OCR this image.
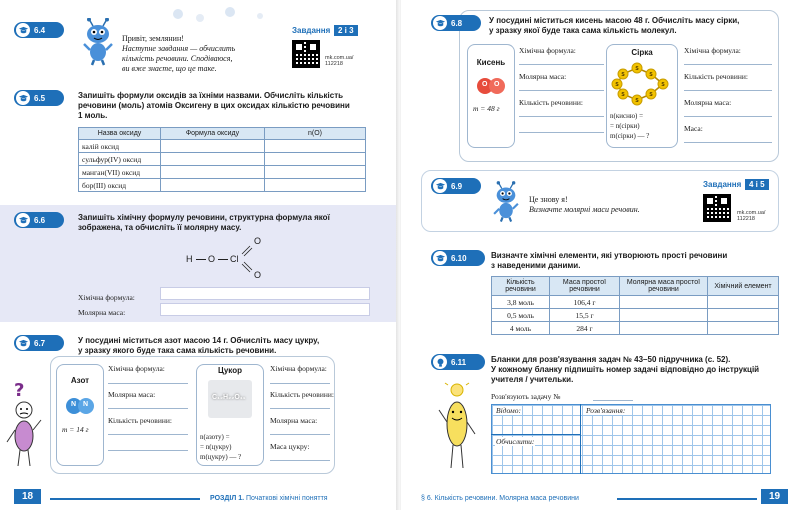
6.4
Привіт, землянин!
Наступне завдання — обчислить
кількість речовини. Сподіваюся,
ви вже знаєте, що це таке.
Завдання 2 і 3
mk.com.ua/
112218
6.5	Запишіть формули оксидів за їхніми назвами. Обчисліть кількість
речовини (моль) атомів Оксигену в цих оксидах кількістю речовини
1 моль.
Назва оксиду	Формула оксиду	n(O)
калій оксид		
сульфур(IV) оксид		
манган(VII) оксид		
бор(III) оксид		
6.6	Запишіть хімічну формулу речовини, структурна формула якої
зображена, та обчисліть її молярну масу.
H O Cl
O
O
Хімічна формула:
Молярна маса:
6.7	У посудині міститься азот масою 14 г. Обчисліть масу цукру,
у зразку якого буде така сама кількість речовини.
?	Азот
N N
m = 14 г
Хімічна формула:
Молярна маса:
Кількість речовини:
Цукор
C₁₂H₂₂O₁₁
n(азоту) =
= n(цукру)
m(цукру) — ?
Хімічна формула:
Кількість речовини:
Молярна маса:
Маса цукру:
18	РОЗДІЛ 1. Початкові хімічні поняття
6.8	У посудині міститься кисень масою 48 г. Обчисліть масу сірки,
у зразку якої буде така сама кількість молекул.
Кисень
O O
m = 48 г
Хімічна формула:
Молярна маса:
Кількість речовини:
Сірка
S
S
S
S
S
S
S
S
n(кисню) =
= n(сірки)
m(сірки) — ?
Хімічна формула:
Кількість речовини:
Молярна маса:
Маса:
6.9
Це знову я!
Визначте молярні маси речовин.
Завдання 4 і 5
mk.com.ua/
112218
6.10	Визначте хімічні елементи, які утворюють прості речовини
з наведеними даними.
Кількість речовини	Маса простої речовини	Молярна маса простої речовини	Хімічний елемент
3,8 моль	106,4 г		
0,5 моль	15,5 г		
4 моль	284 г		
6.11	Бланки для розв'язування задач № 43–50 підручника (с. 52).
У кожному бланку підпишіть номер задачі відповідно до інструкцій
учителя / учительки.
Розв'язують задачу №
Відомо:	Розв'язання:
Обчислити:
§ 6. Кількість речовини. Молярна маса речовини	19
